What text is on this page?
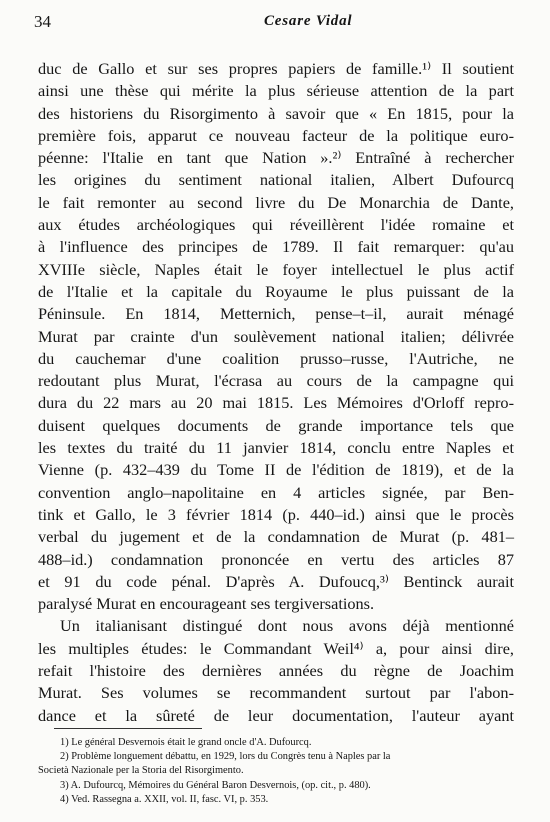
34	Cesare Vidal
duc de Gallo et sur ses propres papiers de famille.¹⁾ Il soutient
ainsi une thèse qui mérite la plus sérieuse attention de la part
des historiens du Risorgimento à savoir que « En 1815, pour la
première fois, apparut ce nouveau facteur de la politique euro-
péenne: l'Italie en tant que Nation ».²⁾ Entraîné à rechercher
les origines du sentiment national italien, Albert Dufourcq
le fait remonter au second livre du De Monarchia de Dante,
aux études archéologiques qui réveillèrent l'idée romaine et
à l'influence des principes de 1789. Il fait remarquer: qu'au
XVIIIe siècle, Naples était le foyer intellectuel le plus actif
de l'Italie et la capitale du Royaume le plus puissant de la
Péninsule. En 1814, Metternich, pense–t–il, aurait ménagé
Murat par crainte d'un soulèvement national italien; délivrée
du cauchemar d'une coalition prusso–russe, l'Autriche, ne
redoutant plus Murat, l'écrasa au cours de la campagne qui
dura du 22 mars au 20 mai 1815. Les Mémoires d'Orloff repro-
duisent quelques documents de grande importance tels que
les textes du traité du 11 janvier 1814, conclu entre Naples et
Vienne (p. 432–439 du Tome II de l'édition de 1819), et de la
convention anglo–napolitaine en 4 articles signée, par Ben-
tink et Gallo, le 3 février 1814 (p. 440–id.) ainsi que le procès
verbal du jugement et de la condamnation de Murat (p. 481–
488–id.) condamnation prononcée en vertu des articles 87
et 91 du code pénal. D'après A. Dufoucq,³⁾ Bentinck aurait
paralysé Murat en encourageant ses tergiversations.
Un italianisant distingué dont nous avons déjà mentionné
les multiples études: le Commandant Weil⁴⁾ a, pour ainsi dire,
refait l'histoire des dernières années du règne de Joachim
Murat. Ses volumes se recommandent surtout par l'abon-
dance et la sûreté de leur documentation, l'auteur ayant
1) Le général Desvernois était le grand oncle d'A. Dufourcq.
2) Problème longuement débattu, en 1929, lors du Congrès tenu à Naples par la
Società Nazionale per la Storia del Risorgimento.
3) A. Dufourcq, Mémoires du Général Baron Desvernois, (op. cit., p. 480).
4) Ved. Rassegna a. XXII, vol. II, fasc. VI, p. 353.
